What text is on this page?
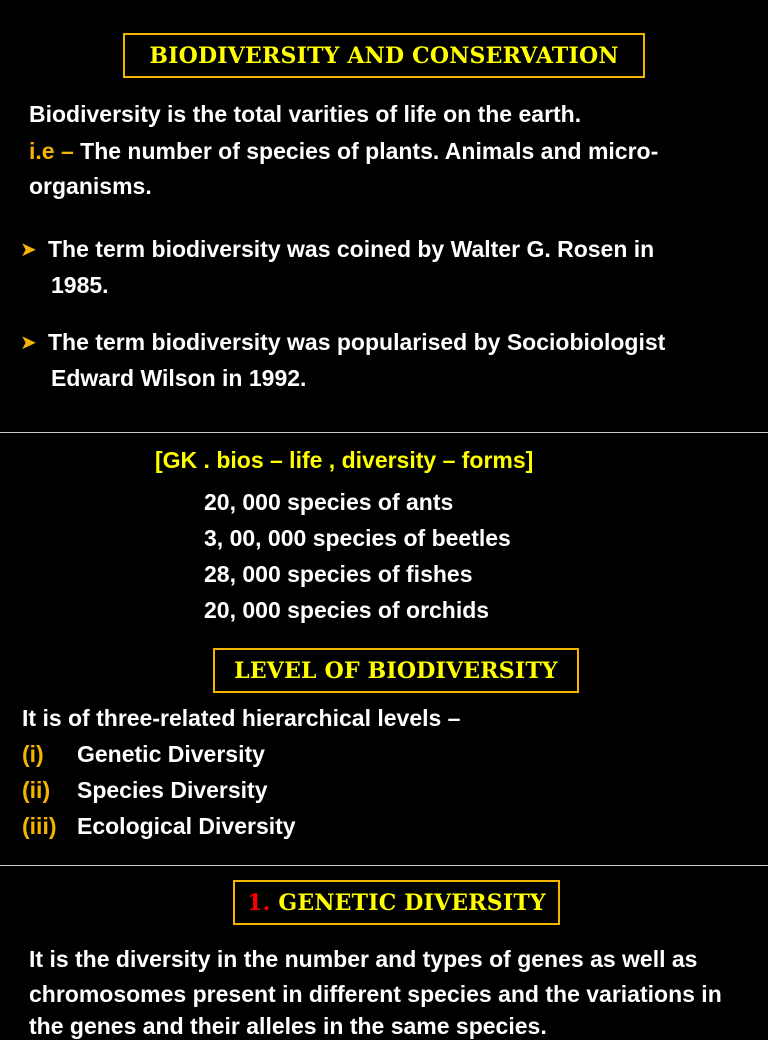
BIODIVERSITY AND CONSERVATION
Biodiversity is the total varities of life on the earth.
i.e – The number of species of plants. Animals and micro-
organisms.
➤ The term biodiversity was coined by Walter G. Rosen in
1985.
➤ The term biodiversity was popularised by Sociobiologist
Edward Wilson in 1992.
[GK . bios – life , diversity – forms]
20, 000 species of ants
3, 00, 000 species of beetles
28, 000 species of fishes
20, 000 species of orchids
LEVEL OF BIODIVERSITY
It is of three-related hierarchical levels –
(i) Genetic Diversity
(ii) Species Diversity
(iii) Ecological Diversity
1. GENETIC DIVERSITY
It is the diversity in the number and types of genes as well as
chromosomes present in different species and the variations in
the genes and their alleles in the same species.
